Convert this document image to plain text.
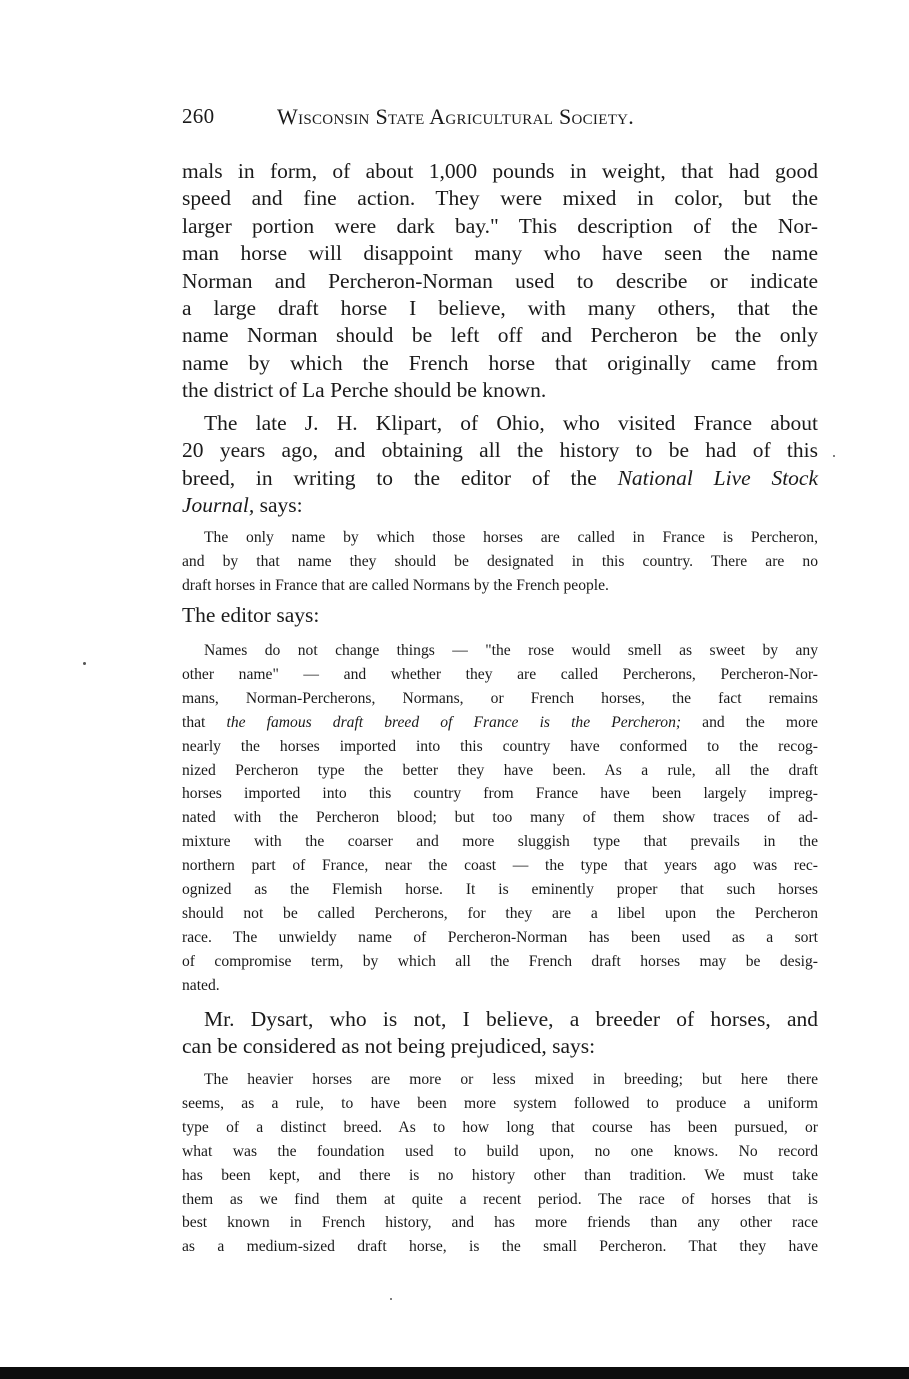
260	Wisconsin State Agricultural Society.
mals in form, of about 1,000 pounds in weight, that had good
speed and fine action. They were mixed in color, but the
larger portion were dark bay." This description of the Nor-
man horse will disappoint many who have seen the name
Norman and Percheron-Norman used to describe or indicate
a large draft horse I believe, with many others, that the
name Norman should be left off and Percheron be the only
name by which the French horse that originally came from
the district of La Perche should be known.
The late J. H. Klipart, of Ohio, who visited France about
20 years ago, and obtaining all the history to be had of this
breed, in writing to the editor of the National Live Stock
Journal, says:
The only name by which those horses are called in France is Percheron,
and by that name they should be designated in this country. There are no
draft horses in France that are called Normans by the French people.
The editor says:
Names do not change things — "the rose would smell as sweet by any
other name" — and whether they are called Percherons, Percheron-Nor-
mans, Norman-Percherons, Normans, or French horses, the fact remains
that the famous draft breed of France is the Percheron; and the more
nearly the horses imported into this country have conformed to the recog-
nized Percheron type the better they have been. As a rule, all the draft
horses imported into this country from France have been largely impreg-
nated with the Percheron blood; but too many of them show traces of ad-
mixture with the coarser and more sluggish type that prevails in the
northern part of France, near the coast — the type that years ago was rec-
ognized as the Flemish horse. It is eminently proper that such horses
should not be called Percherons, for they are a libel upon the Percheron
race. The unwieldy name of Percheron-Norman has been used as a sort
of compromise term, by which all the French draft horses may be desig-
nated.
Mr. Dysart, who is not, I believe, a breeder of horses, and
can be considered as not being prejudiced, says:
The heavier horses are more or less mixed in breeding; but here there
seems, as a rule, to have been more system followed to produce a uniform
type of a distinct breed. As to how long that course has been pursued, or
what was the foundation used to build upon, no one knows. No record
has been kept, and there is no history other than tradition. We must take
them as we find them at quite a recent period. The race of horses that is
best known in French history, and has more friends than any other race
as a medium-sized draft horse, is the small Percheron. That they have
